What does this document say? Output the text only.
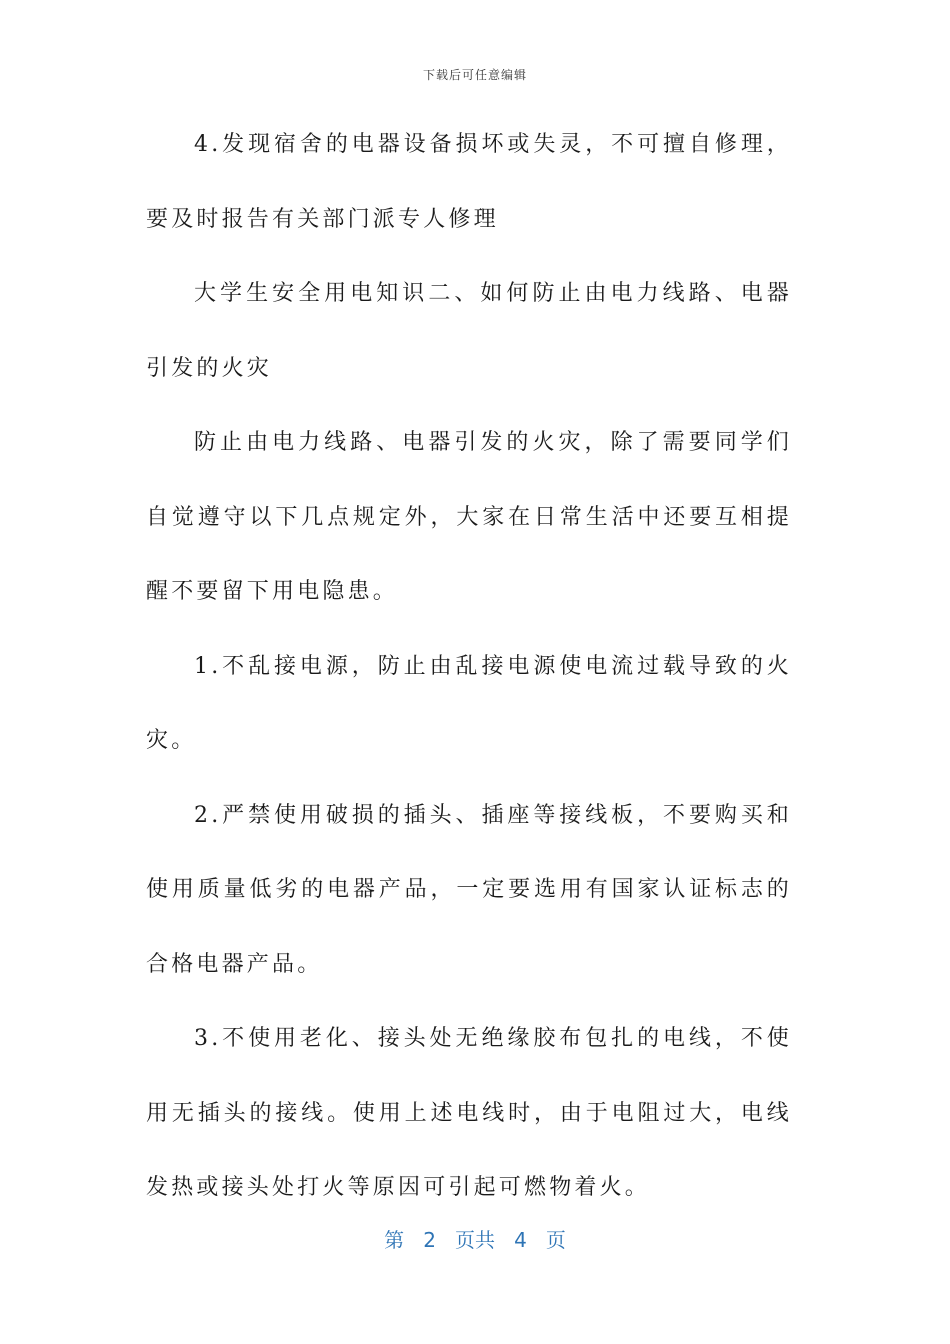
下载后可任意编辑

4.发现宿舍的电器设备损坏或失灵，不可擅自修理，要及时报告有关部门派专人修理

大学生安全用电知识二、如何防止由电力线路、电器引发的火灾

防止由电力线路、电器引发的火灾，除了需要同学们自觉遵守以下几点规定外，大家在日常生活中还要互相提醒不要留下用电隐患。

1.不乱接电源，防止由乱接电源使电流过载导致的火灾。

2.严禁使用破损的插头、插座等接线板，不要购买和使用质量低劣的电器产品，一定要选用有国家认证标志的合格电器产品。

3.不使用老化、接头处无绝缘胶布包扎的电线，不使用无插头的接线。使用上述电线时，由于电阻过大，电线发热或接头处打火等原因可引起可燃物着火。

第 2 页共 4 页
